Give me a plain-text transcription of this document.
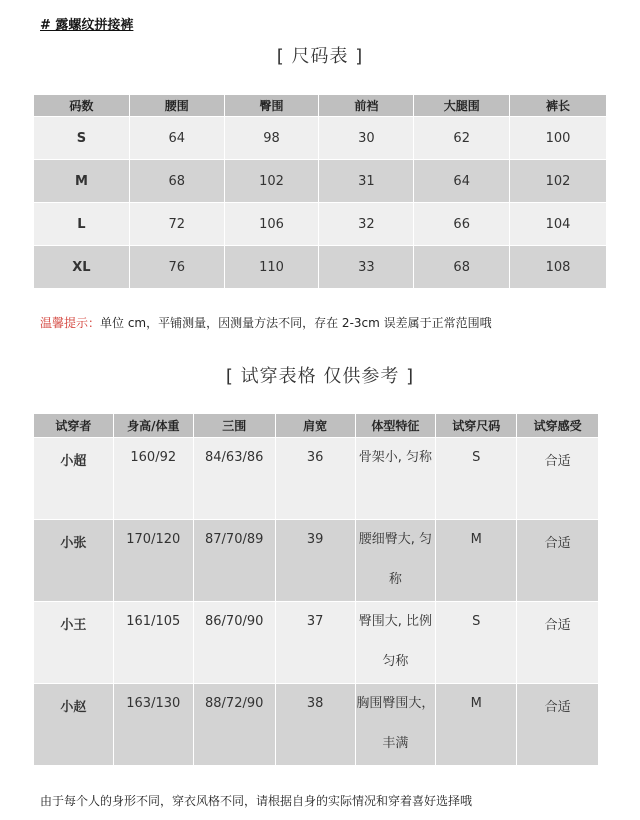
# 露螺纹拼接裤
[ 尺码表 ]
码数	腰围	臀围	前裆	大腿围	裤长
S	64	98	30	62	100
M	68	102	31	64	102
L	72	106	32	66	104
XL	76	110	33	68	108
温馨提示：单位 cm，平铺测量，因测量方法不同，存在 2-3cm 误差属于正常范围哦
[ 试穿表格 仅供参考 ]
试穿者	身高/体重	三围	肩宽	体型特征	试穿尺码	试穿感受
小超	160/92	84/63/86	36	骨架小, 匀称	S	合适
小张	170/120	87/70/89	39	腰细臀大, 匀称	M	合适
小王	161/105	86/70/90	37	臀围大, 比例匀称	S	合适
小赵	163/130	88/72/90	38	胸围臀围大，丰满	M	合适
由于每个人的身形不同，穿衣风格不同，请根据自身的实际情况和穿着喜好选择哦
